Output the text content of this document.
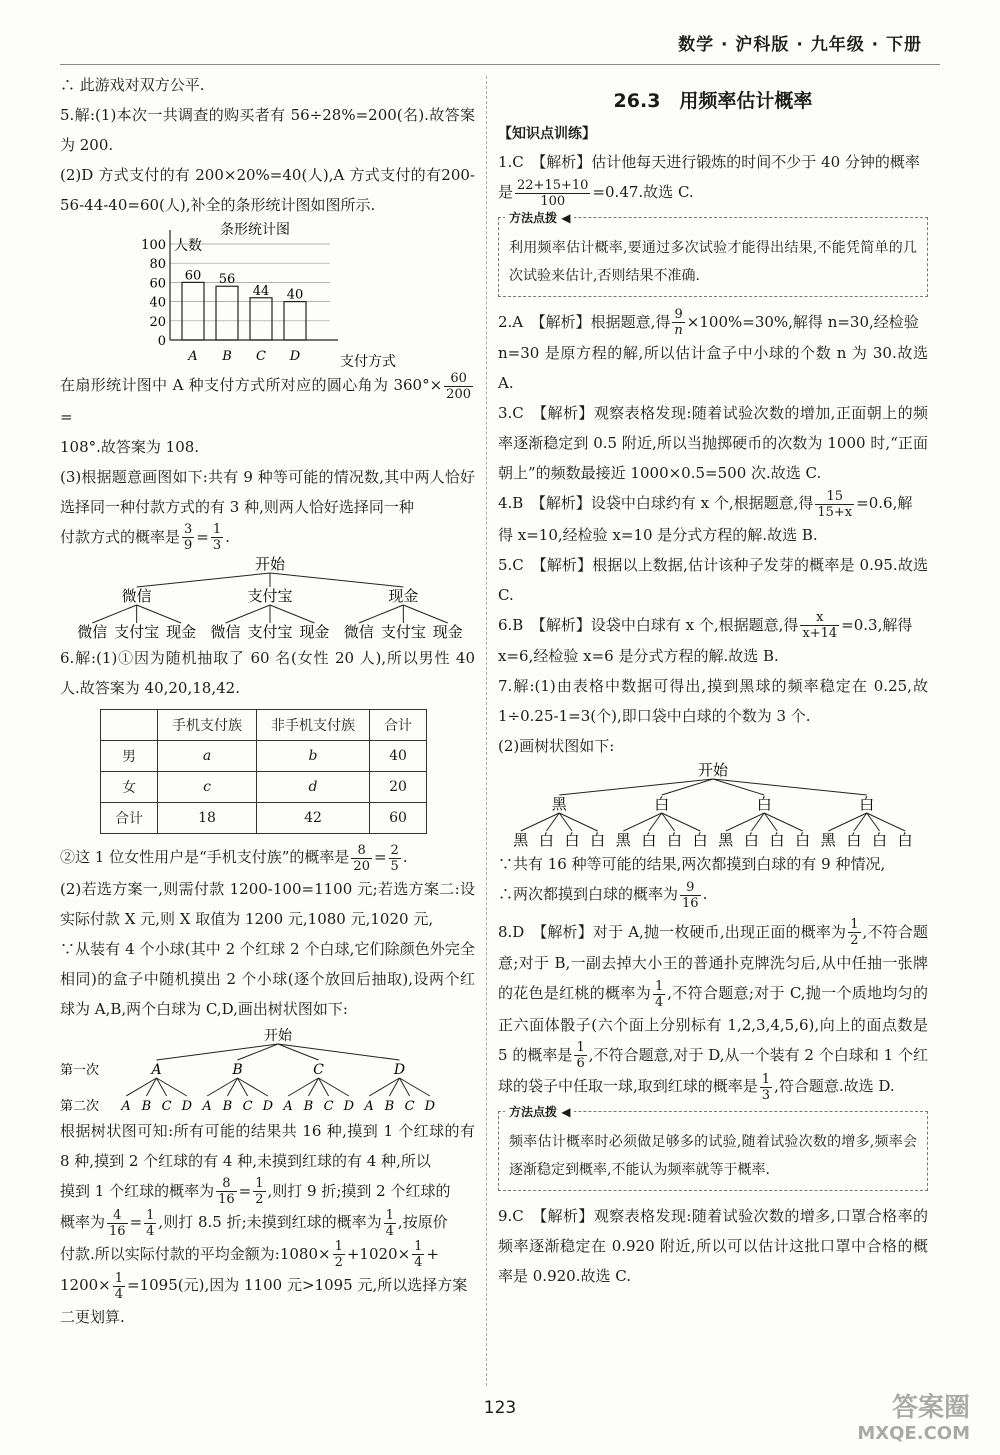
数学 · 沪科版 · 九年级 · 下册

∴ 此游戏对双方公平.

5.解:(1)本次一共调查的购买者有 56÷28%=200(名).故答案为 200.

(2)D 方式支付的有 200×20%=40(人),A 方式支付的有200-56-44-40=60(人),补全的条形统计图如图所示.

条形统计图
人数
0
20
40
60
80
100
60
A
56
B
44
C
40
D	支付方式

在扇形统计图中 A 种支付方式所对应的圆心角为 $360^\circ\times \frac{60}{200}$
=

108°.故答案为 108.

(3)根据题意画图如下:共有 9 种等可能的情况数,其中两人恰好选择同一种付款方式的有 3 种,则两人恰好选择同一种

付款方式的概率是 $\frac{3}{9} = \frac{1}{3}$ .

开始
微信
微信 支付宝 现金
支付宝
微信 支付宝 现金
现金
微信 支付宝 现金

6.解:(1)①因为随机抽取了 60 名(女性 20 人),所以男性 40 人.故答案为 40,20,18,42.

	手机支付族	非手机支付族	合计
男	a	b	40
女	c	d	20
合计	18	42	60

②这 1 位女性用户是“手机支付族”的概率是 $\frac{8}{20} = \frac{2}{5}$ .

(2)若选方案一,则需付款 1200-100=1100 元;若选方案二:设实际付款 X 元,则 X 取值为 1200 元,1080 元,1020 元,

∵从装有 4 个小球(其中 2 个红球 2 个白球,它们除颜色外完全相同)的盒子中随机摸出 2 个小球(逐个放回后抽取),设两个红球为 A,B,两个白球为 C,D,画出树状图如下:

开始
A
A B C D
B
A B C D
C
A B C D
D
A B C D
第一次
第二次

根据树状图可知:所有可能的结果共 16 种,摸到 1 个红球的有 8 种,摸到 2 个红球的有 4 种,未摸到红球的有 4 种,所以

摸到 1 个红球的概率为 $\frac{8}{16} = \frac{1}{2}$ ,则打 9 折;摸到 2 个红球的

概率为 $\frac{4}{16} = \frac{1}{4}$ ,则打 8.5 折;未摸到红球的概率为 $\frac{1}{4}$ ,按原价

付款.所以实际付款的平均金额为:1080× $\frac{1}{2} +1020\times \frac{1}{4}$ +

$1200\times \frac{1}{4} =1095$(元),因为 1100 元>1095 元,所以选择方案

二更划算.

26.3　用频率估计概率
【知识点训练】

1.C　【解析】估计他每天进行锻炼的时间不少于 40 分钟的概率

是 $\frac{22+15+10}{100} =0.47$.故选 C.

方法点拨 ◀

利用频率估计概率,要通过多次试验才能得出结果,不能凭简单的几次试验来估计,否则结果不准确.

2.A　【解析】根据题意,得 $\frac{9}{n} \times 100\%=30\%$,解得 n=30,经检验

n=30 是原方程的解,所以估计盒子中小球的个数 n 为 30.故选 A.

3.C　【解析】观察表格发现:随着试验次数的增加,正面朝上的频率逐渐稳定到 0.5 附近,所以当抛掷硬币的次数为 1000 时,“正面朝上”的频数最接近 1000×0.5=500 次.故选 C.

4.B　【解析】设袋中白球约有 x 个,根据题意,得 $\frac{15}{15+x} =0.6$,解

得 x=10,经检验 x=10 是分式方程的解.故选 B.

5.C　【解析】根据以上数据,估计该种子发芽的概率是 0.95.故选 C.

6.B　【解析】设袋中白球有 x 个,根据题意,得 $\frac{x}{x+14} =0.3$,解得

x=6,经检验 x=6 是分式方程的解.故选 B.

7.解:(1)由表格中数据可得出,摸到黑球的频率稳定在 0.25,故 1÷0.25-1=3(个),即口袋中白球的个数为 3 个.

(2)画树状图如下:

开始
黑
黑 白 白 白
白
黑 白 白 白
白
黑 白 白 白
白
黑 白 白 白

∵共有 16 种等可能的结果,两次都摸到白球的有 9 种情况,

∴两次都摸到白球的概率为 $\frac{9}{16}$ .

8.D　【解析】对于 A,抛一枚硬币,出现正面的概率为 $\frac{1}{2}$ ,不符合题意;对于 B,一副去掉大小王的普通扑克牌洗匀后,从中任抽一张牌的花色是红桃的概率为 $\frac{1}{4}$ ,不符合题意;对于 C,抛一个质地均匀的正六面体骰子(六个面上分别标有 1,2,3,4,5,6),向上的面点数是 5 的概率是 $\frac{1}{6}$ ,不符合题意,对于 D,从一个装有 2 个白球和 1 个红球的袋子中任取一球,取到红球的概率是 $\frac{1}{3}$ ,符合题意.故选 D.

方法点拨 ◀

频率估计概率时必须做足够多的试验,随着试验次数的增多,频率会逐渐稳定到概率,不能认为频率就等于概率.

9.C　【解析】观察表格发现:随着试验次数的增多,口罩合格率的频率逐渐稳定在 0.920 附近,所以可以估计这批口罩中合格的概率是 0.920.故选 C.

123	答案圈
MXQE.COM
